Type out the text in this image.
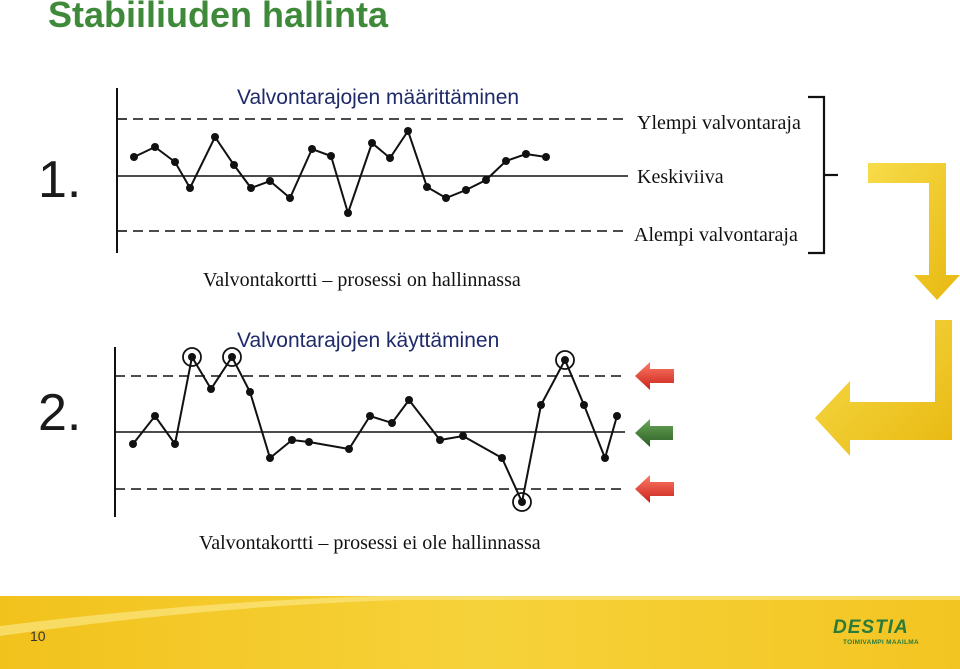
Stabiiliuden hallinta
1.
Valvontarajojen määrittäminen
Ylempi valvontaraja
Keskiviiva
Alempi valvontaraja
Valvontakortti – prosessi on hallinnassa
2.
Valvontarajojen käyttäminen
Valvontakortti – prosessi ei ole hallinnassa
10	DESTIA
TOIMIVAMPI MAAILMA
